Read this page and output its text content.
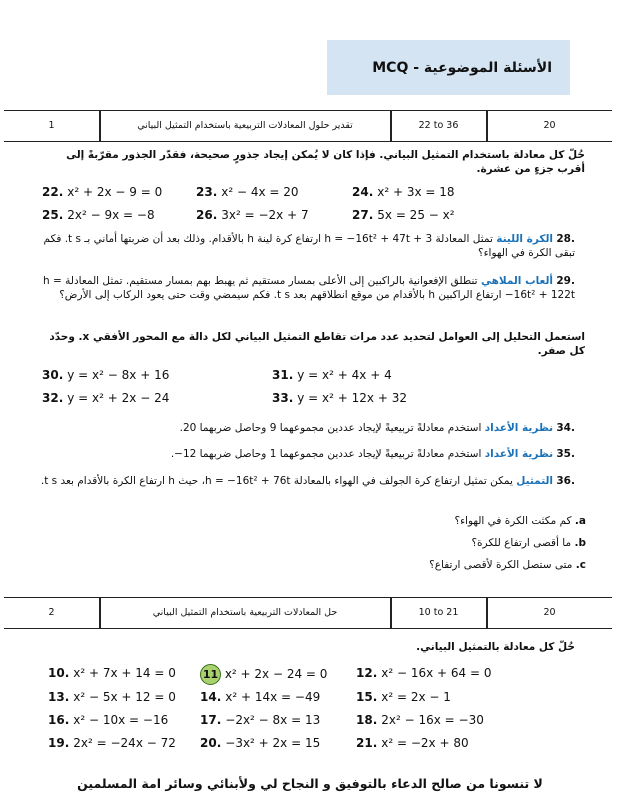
الأسئلة الموضوعية - MCQ
1	تقدير حلول المعادلات التربيعية باستخدام التمثيل البياني	22 to 36	20
حُلّ كل معادلة باستخدام التمثيل البياني. فإذا كان لا يُمكن إيجاد جذورٍ صحيحة، فقدّر الجذور مقرّبةً إلى أقرب جزءٍ من عشرة.
22. x² + 2x − 9 = 0	23. x² − 4x = 20	24. x² + 3x = 18
25. 2x² − 9x = −8	26. 3x² = −2x + 7	27. 5x = 25 − x²
.28 الكرة اللينة تمثل المعادلة h = −16t² + 47t + 3 ارتفاع كرة لينة h بالأقدام. وذلك بعد أن ضربتها أماني بـ t s. فكم تبقى الكرة في الهواء؟
.29 ألعاب الملاهي تنطلق الإفعوانية بالراكبين إلى الأعلى بمسار مستقيم ثم يهبط بهم بمسار مستقيم. تمثل المعادلة h = −16t² + 122t ارتفاع الراكبين h بالأقدام من موقع انطلاقهم بعد t s. فكم سيمضي وقت حتى يعود الركاب إلى الأرض؟
استعمل التحليل إلى العوامل لتحديد عدد مرات تقاطع التمثيل البياني لكل دالة مع المحور الأفقي x. وحدّد كل صفر.
30. y = x² − 8x + 16	31. y = x² + 4x + 4
32. y = x² + 2x − 24	33. y = x² + 12x + 32
.34 نظرية الأعداد استخدم معادلةً تربيعيةً لإيجاد عددين مجموعهما 9 وحاصل ضربهما 20.
.35 نظرية الأعداد استخدم معادلةً تربيعيةً لإيجاد عددين مجموعهما 1 وحاصل ضربهما 12−.
.36 التمثيل يمكن تمثيل ارتفاع كرة الجولف في الهواء بالمعادلة h = −16t² + 76t، حيث h ارتفاع الكرة بالأقدام بعد t s.
a. كم مكثت الكرة في الهواء؟
b. ما أقصى ارتفاع للكرة؟
c. متى ستصل الكرة لأقصى ارتفاع؟
2	حل المعادلات التربيعية باستخدام التمثيل البياني	10 to 21	20
حُلّ كل معادلة بالتمثيل البياني.
10. x² + 7x + 14 = 0 11 x² + 2x − 24 = 0 12. x² − 16x + 64 = 0
13. x² − 5x + 12 = 0 14. x² + 14x = −49	15. x² = 2x − 1
16. x² − 10x = −16	17. −2x² − 8x = 13	18. 2x² − 16x = −30
19. 2x² = −24x − 72 20. −3x² + 2x = 15	21. x² = −2x + 80
لا تنسونا من صالح الدعاء بالتوفيق و النجاح لي ولأبنائي وسائر امة المسلمين
